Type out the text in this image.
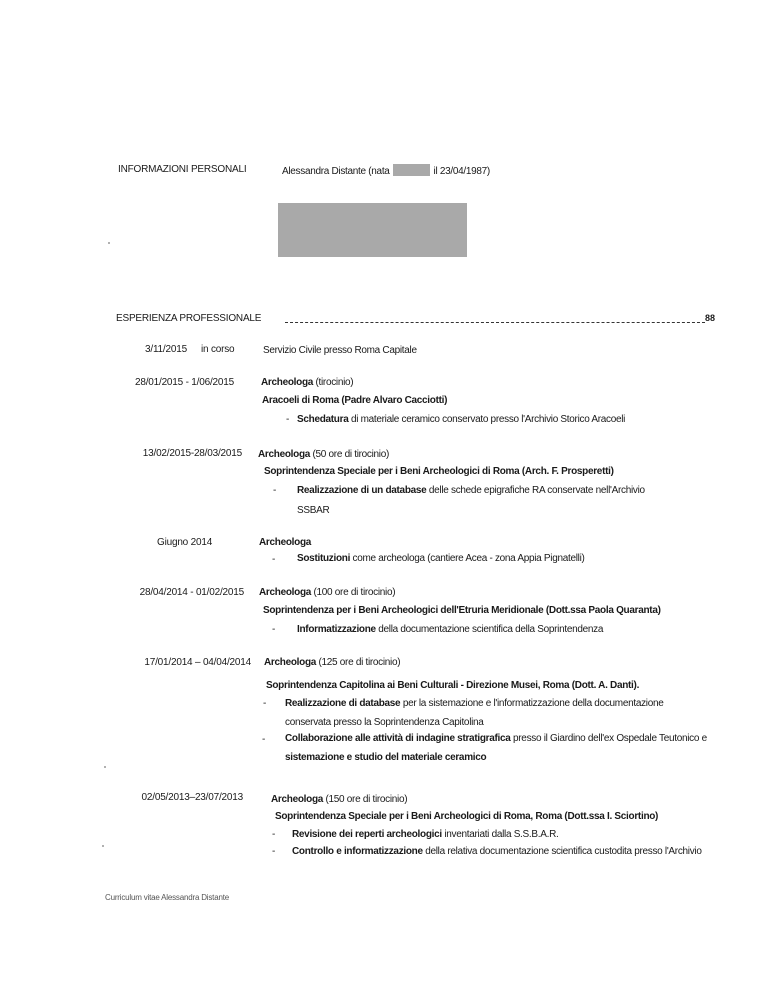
INFORMAZIONI PERSONALI	Alessandra Distante (nata	il 23/04/1987)
ESPERIENZA PROFESSIONALE	88
3/11/2015 in corso	Servizio Civile presso Roma Capitale
28/01/2015 - 1/06/2015	Archeologa (tirocinio)
Aracoeli di Roma (Padre Alvaro Cacciotti)
- Schedatura di materiale ceramico conservato presso l'Archivio Storico Aracoeli
13/02/2015-28/03/2015 Archeologa (50 ore di tirocinio)
Soprintendenza Speciale per i Beni Archeologici di Roma (Arch. F. Prosperetti)
- Realizzazione di un database delle schede epigrafiche RA conservate nell'Archivio
SSBAR
Giugno 2014	Archeologa
- Sostituzioni come archeologa (cantiere Acea - zona Appia Pignatelli)
28/04/2014 - 01/02/2015 Archeologa (100 ore di tirocinio)
Soprintendenza per i Beni Archeologici dell'Etruria Meridionale (Dott.ssa Paola Quaranta)
- Informatizzazione della documentazione scientifica della Soprintendenza
17/01/2014 – 04/04/2014 Archeologa (125 ore di tirocinio)
Soprintendenza Capitolina ai Beni Culturali - Direzione Musei, Roma (Dott. A. Danti).
- Realizzazione di database per la sistemazione e l'informatizzazione della documentazione
conservata presso la Soprintendenza Capitolina
- Collaborazione alle attività di indagine stratigrafica presso il Giardino dell'ex Ospedale Teutonico e
sistemazione e studio del materiale ceramico
02/05/2013–23/07/2013	Archeologa (150 ore di tirocinio)
Soprintendenza Speciale per i Beni Archeologici di Roma, Roma (Dott.ssa I. Sciortino)
- Revisione dei reperti archeologici inventariati dalla S.S.B.A.R.
- Controllo e informatizzazione della relativa documentazione scientifica custodita presso l'Archivio
Curriculum vitae Alessandra Distante
